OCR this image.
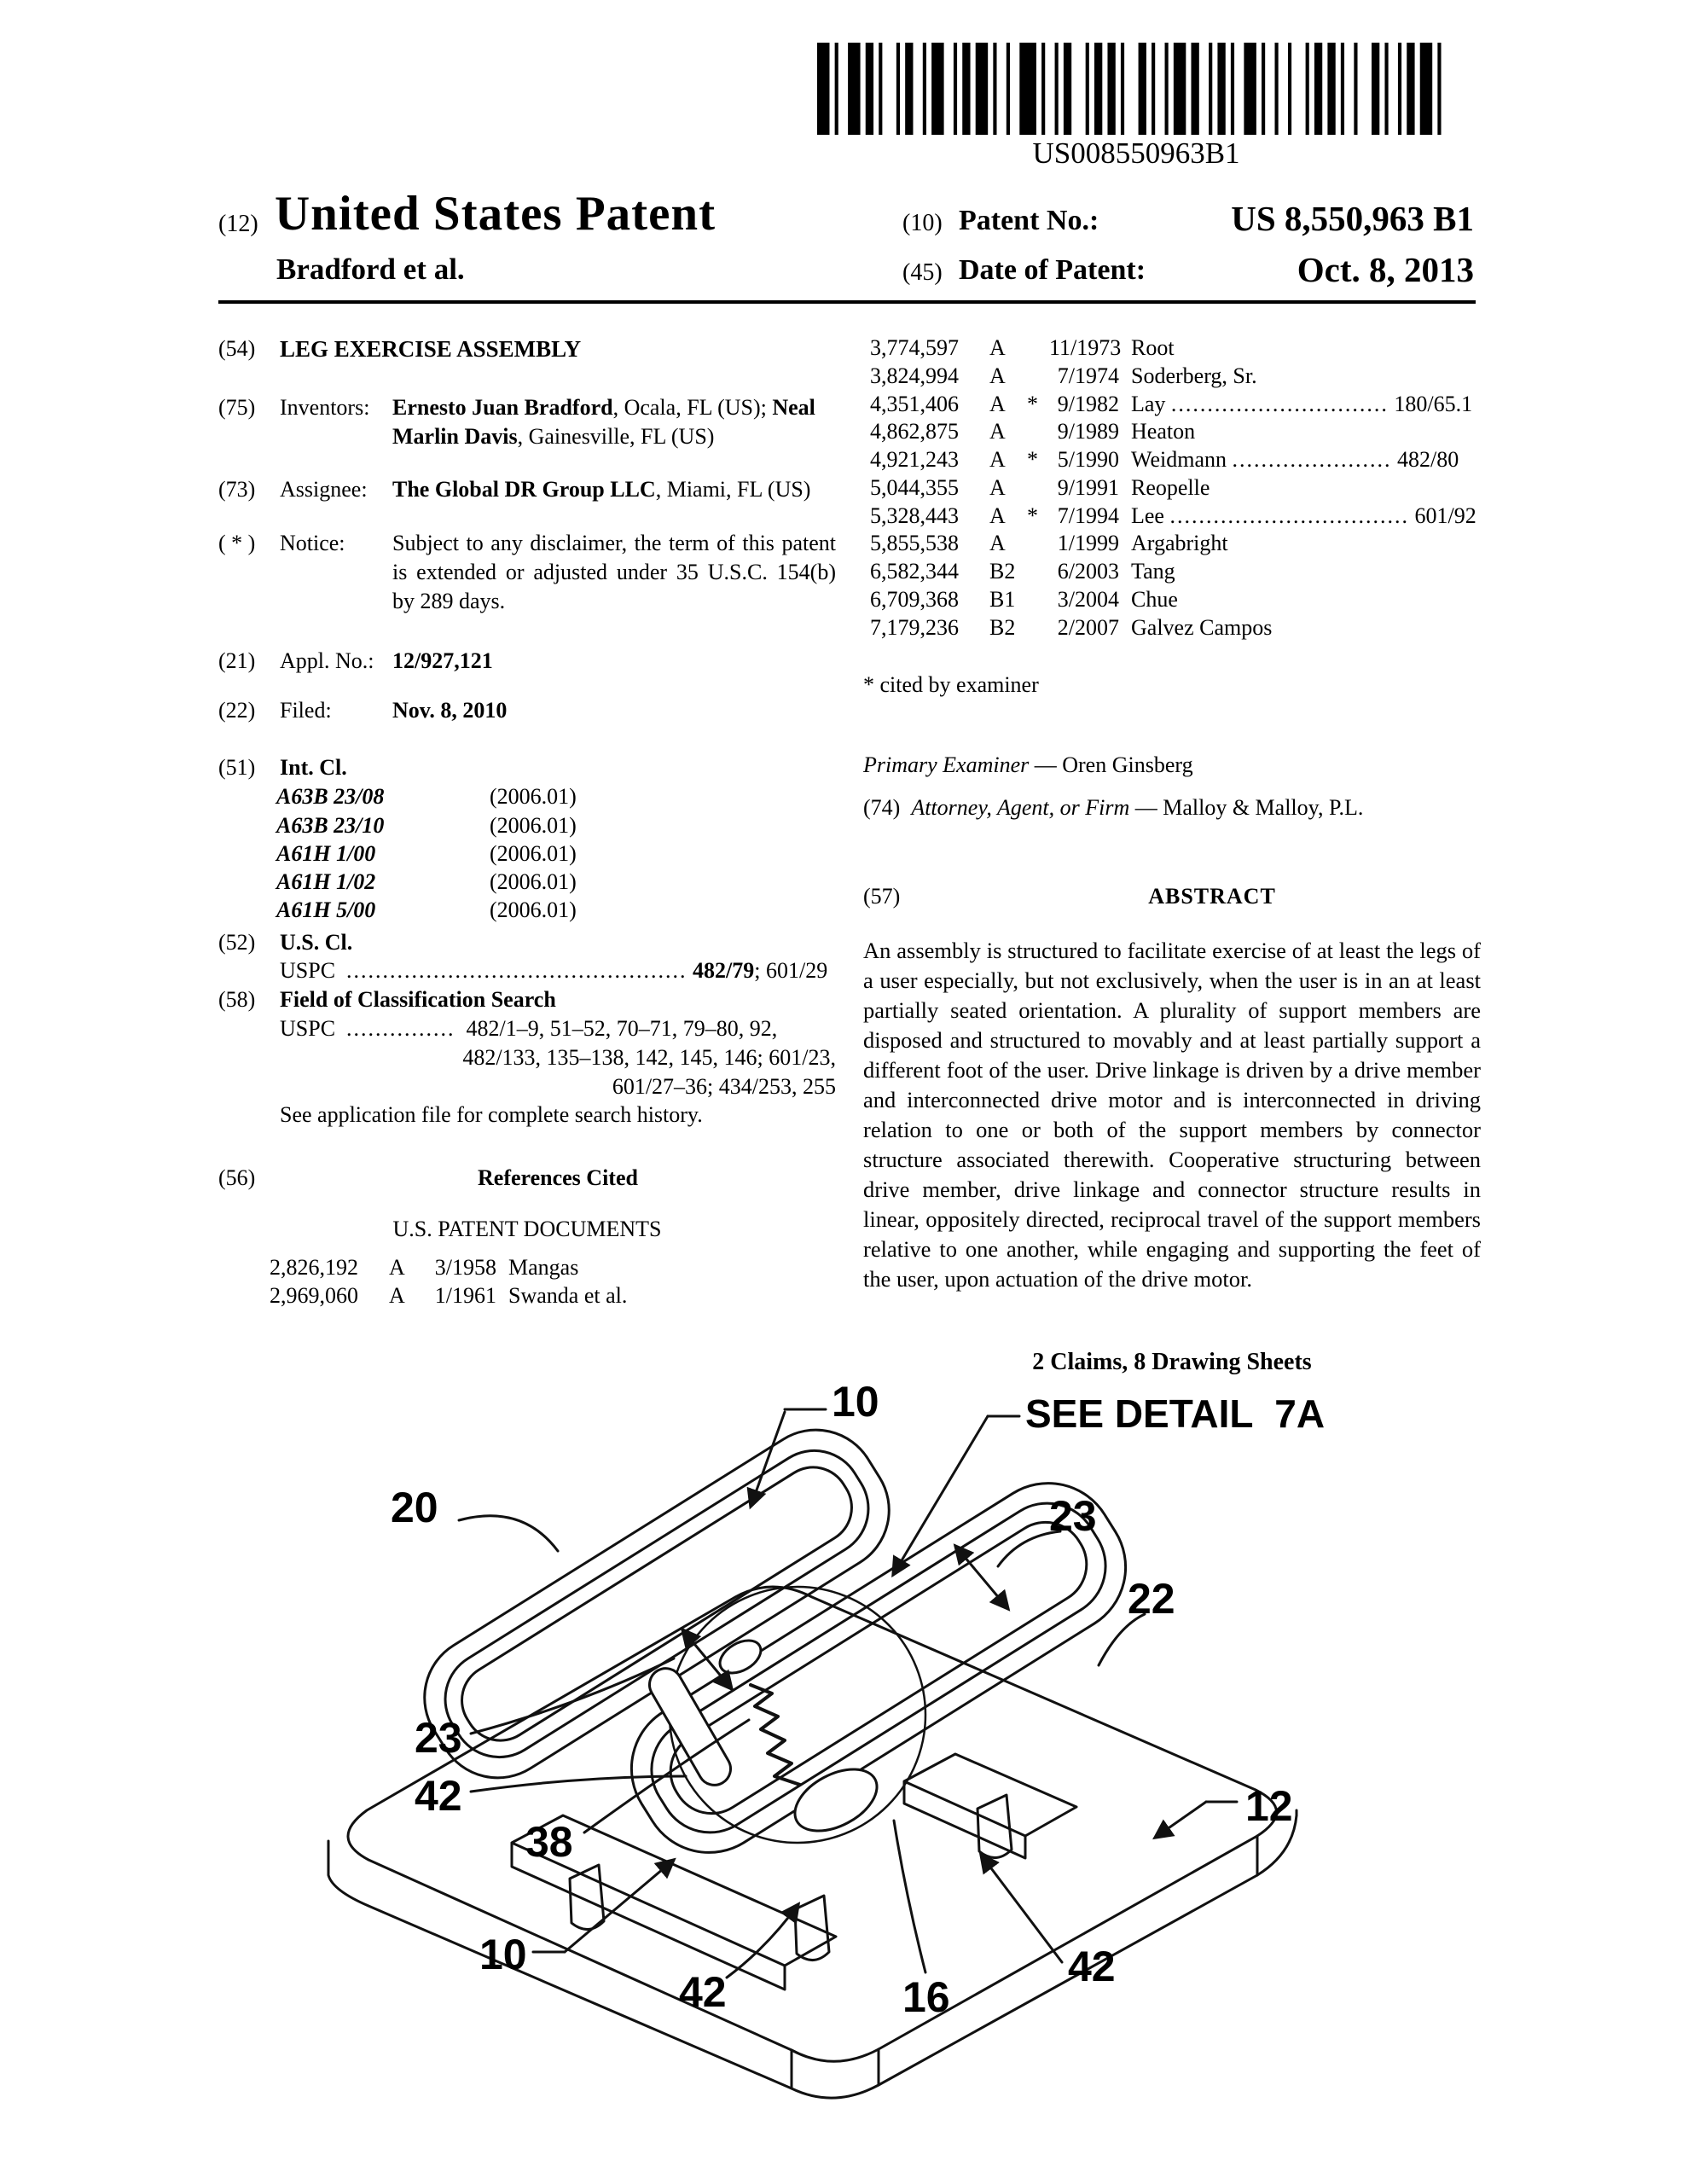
US008550963B1
(12) United States Patent
Bradford et al.
(10) Patent No.:	US 8,550,963 B1
(45) Date of Patent:	Oct. 8, 2013
(54)	LEG EXERCISE ASSEMBLY
(75)	Inventors:	Ernesto Juan Bradford, Ocala, FL (US); Neal Marlin Davis, Gainesville, FL (US)
(73)	Assignee:	The Global DR Group LLC, Miami, FL (US)
( * )	Notice:	Subject to any disclaimer, the term of this patent is extended or adjusted under 35 U.S.C. 154(b) by 289 days.
(21)	Appl. No.: 12/927,121
(22)	Filed:	Nov. 8, 2010
(51)	Int. Cl.
A63B 23/08	(2006.01)
A63B 23/10	(2006.01)
A61H 1/00	(2006.01)
A61H 1/02	(2006.01)
A61H 5/00	(2006.01)
(52)	U.S. Cl.
USPC ............................................... 482/79; 601/29
(58)	Field of Classification Search
USPC ............... 482/1–9, 51–52, 70–71, 79–80, 92,
482/133, 135–138, 142, 145, 146; 601/23,
601/27–36; 434/253, 255
See application file for complete search history.
(56)	References Cited
U.S. PATENT DOCUMENTS
2,826,192	A	3/1958 Mangas
2,969,060	A	1/1961 Swanda et al.
3,774,597	A	11/1973 Root
3,824,994	A	7/1974 Soderberg, Sr.
4,351,406	A * 9/1982 Lay .............................. 180/65.1
4,862,875	A	9/1989 Heaton
4,921,243	A * 5/1990 Weidmann ...................... 482/80
5,044,355	A	9/1991 Reopelle
5,328,443	A * 7/1994 Lee ................................. 601/92
5,855,538	A	1/1999 Argabright
6,582,344	B2	6/2003 Tang
6,709,368	B1	3/2004 Chue
7,179,236	B2	2/2007 Galvez Campos
* cited by examiner
Primary Examiner — Oren Ginsberg
(74) Attorney, Agent, or Firm — Malloy & Malloy, P.L.
(57)	ABSTRACT
An assembly is structured to facilitate exercise of at least the legs of a user especially, but not exclusively, when the user is in an at least partially seated orientation. A plurality of support members are disposed and structured to movably and at least partially support a different foot of the user. Drive linkage is driven by a drive member and interconnected drive motor and is interconnected in driving relation to one or both of the support members by connector structure associated therewith. Cooperative structuring between drive member, drive linkage and connector structure results in linear, oppositely directed, reciprocal travel of the support members relative to one another, while engaging and supporting the feet of the user, upon actuation of the drive motor.
2 Claims, 8 Drawing Sheets
10	SEE DETAIL  7A
20	23
22
23
42
38
10
42	16
42
12
